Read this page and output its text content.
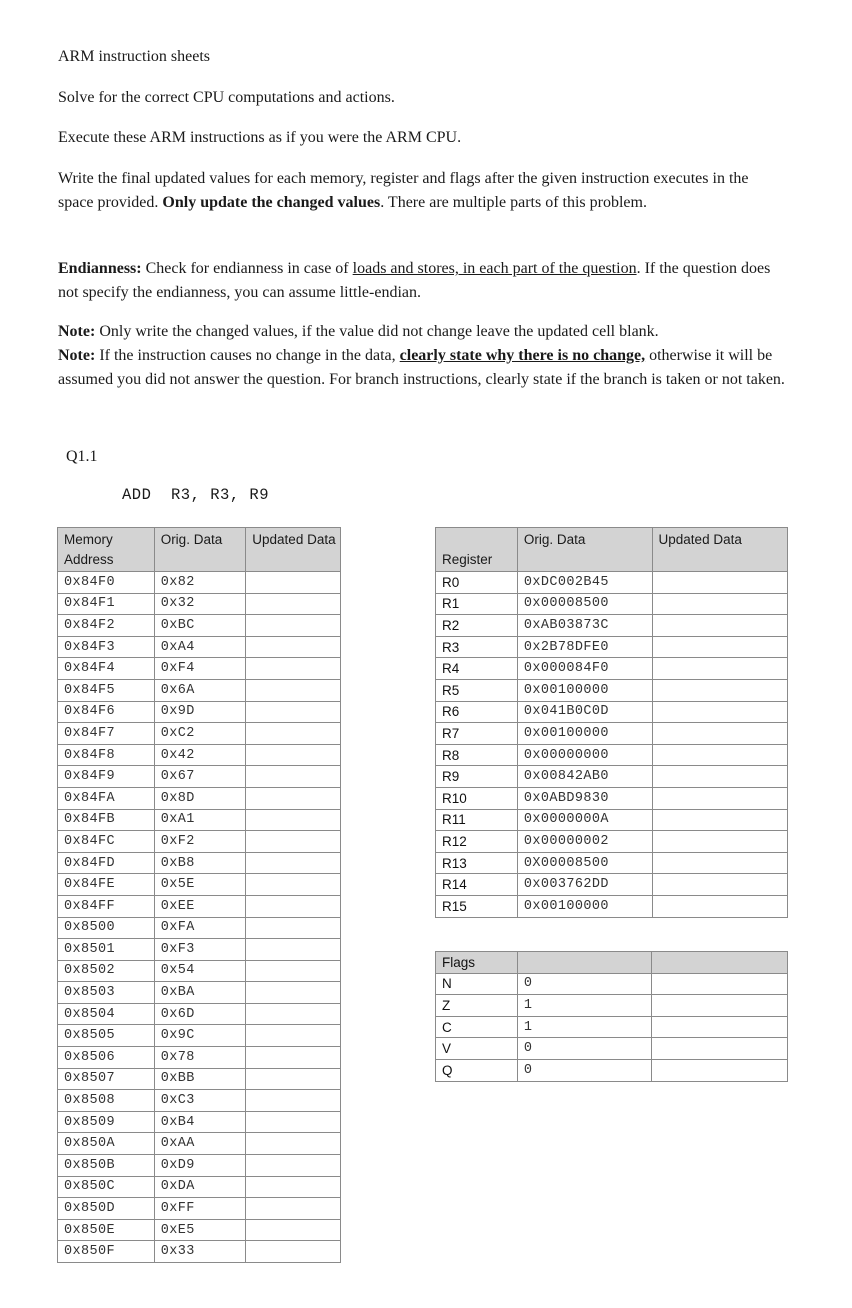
ARM instruction sheets
Solve for the correct CPU computations and actions.
Execute these ARM instructions as if you were the ARM CPU.
Write the final updated values for each memory, register and flags after the given instruction executes in the space provided. Only update the changed values. There are multiple parts of this problem.
Endianness: Check for endianness in case of loads and stores, in each part of the question. If the question does not specify the endianness, you can assume little-endian.
Note: Only write the changed values, if the value did not change leave the updated cell blank.
Note: If the instruction causes no change in the data, clearly state why there is no change, otherwise it will be assumed you did not answer the question. For branch instructions, clearly state if the branch is taken or not taken.
Q1.1
ADD  R3, R3, R9
Memory Address	Orig. Data	Updated Data
0x84F0	0x82	
0x84F1	0x32	
0x84F2	0xBC	
0x84F3	0xA4	
0x84F4	0xF4	
0x84F5	0x6A	
0x84F6	0x9D	
0x84F7	0xC2	
0x84F8	0x42	
0x84F9	0x67	
0x84FA	0x8D	
0x84FB	0xA1	
0x84FC	0xF2	
0x84FD	0xB8	
0x84FE	0x5E	
0x84FF	0xEE	
0x8500	0xFA	
0x8501	0xF3	
0x8502	0x54	
0x8503	0xBA	
0x8504	0x6D	
0x8505	0x9C	
0x8506	0x78	
0x8507	0xBB	
0x8508	0xC3	
0x8509	0xB4	
0x850A	0xAA	
0x850B	0xD9	
0x850C	0xDA	
0x850D	0xFF	
0x850E	0xE5	
0x850F	0x33	
Register	Orig. Data	Updated Data
R0	0xDC002B45	
R1	0x00008500	
R2	0xAB03873C	
R3	0x2B78DFE0	
R4	0x000084F0	
R5	0x00100000	
R6	0x041B0C0D	
R7	0x00100000	
R8	0x00000000	
R9	0x00842AB0	
R10	0x0ABD9830	
R11	0x0000000A	
R12	0x00000002	
R13	0X00008500	
R14	0x003762DD	
R15	0x00100000	
Flags		
N	0	
Z	1	
C	1	
V	0	
Q	0	
